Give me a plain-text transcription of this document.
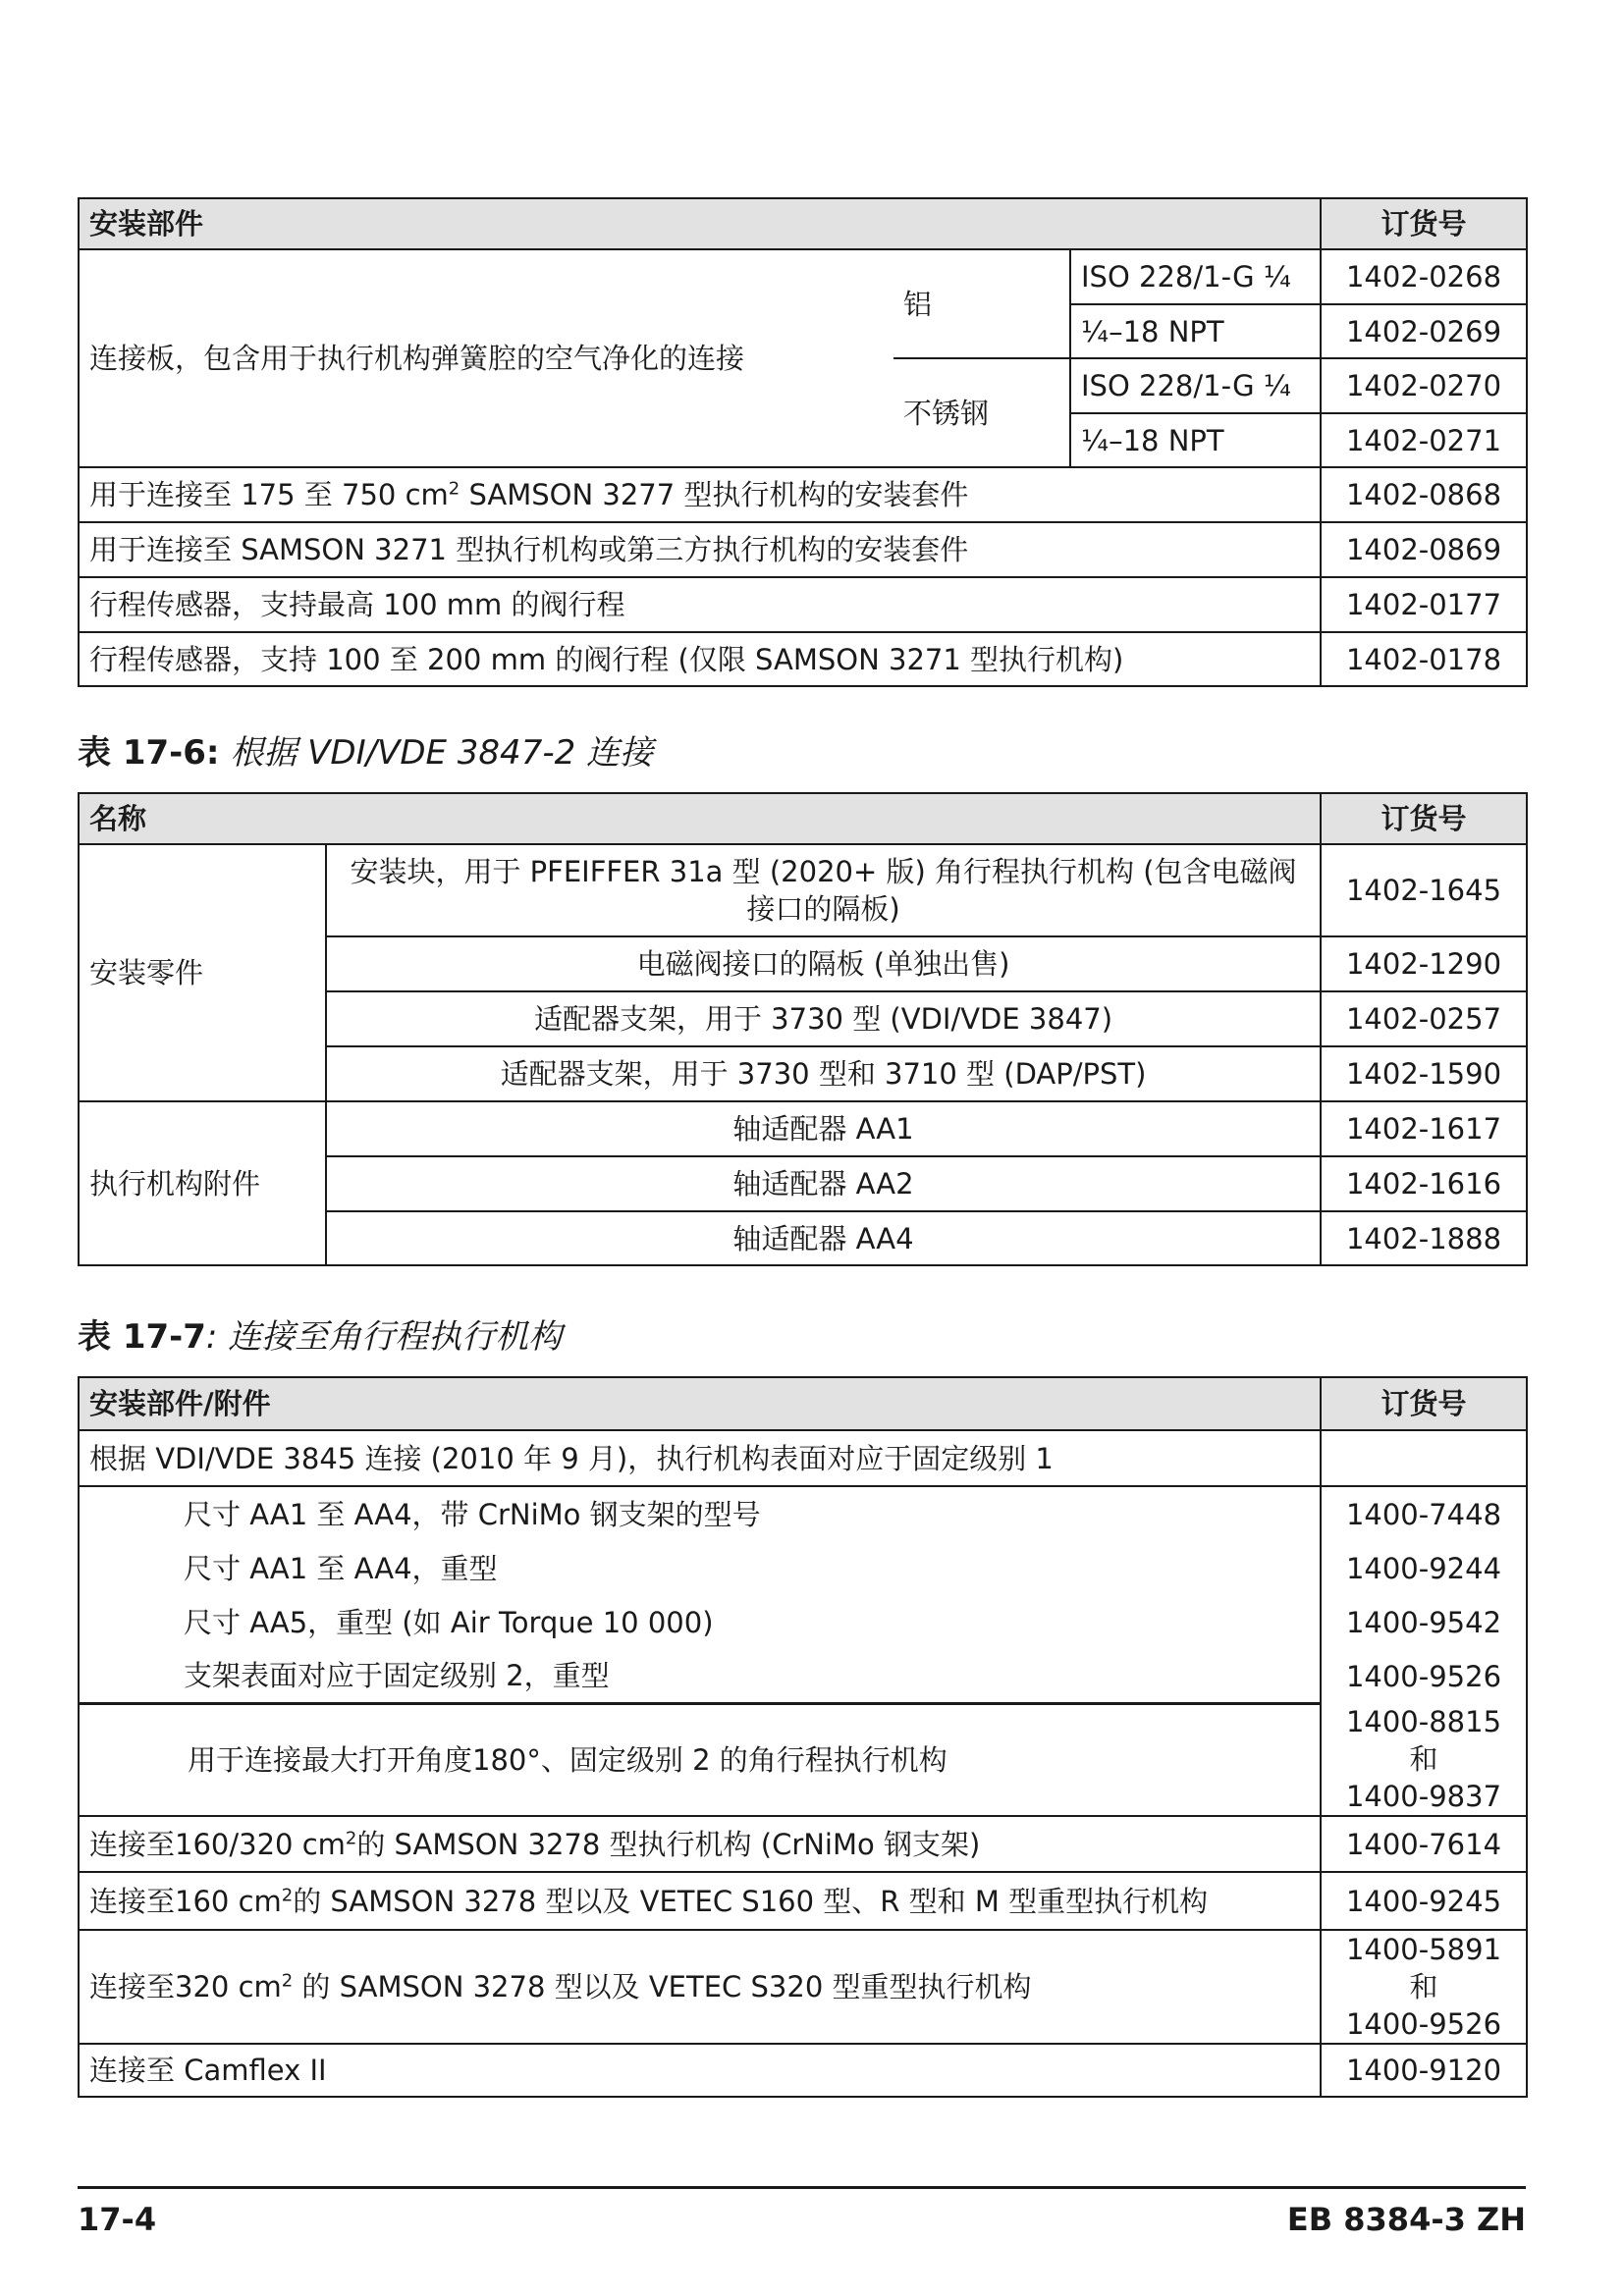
安装部件			订货号
连接板，包含用于执行机构弹簧腔的空气净化的连接	铝	ISO 228/1-G ¼	1402-0268
		¼–18 NPT	1402-0269
	不锈钢	ISO 228/1-G ¼	1402-0270
		¼–18 NPT	1402-0271
用于连接至 175 至 750 $cm^2$ SAMSON 3277 型执行机构的安装套件			1402-0868
用于连接至 SAMSON 3271 型执行机构或第三方执行机构的安装套件			1402-0869
行程传感器，支持最高 100 mm 的阀行程			1402-0177
行程传感器，支持 100 至 200 mm 的阀行程 (仅限 SAMSON 3271 型执行机构)			1402-0178
表 17-6: 根据 VDI/VDE 3847-2 连接
名称		订货号
安装零件	安装块，用于 PFEIFFER 31a 型 (2020+ 版) 角行程执行机构 (包含电磁阀接口的隔板)	1402-1645
	电磁阀接口的隔板 (单独出售)	1402-1290
	适配器支架，用于 3730 型 (VDI/VDE 3847)	1402-0257
	适配器支架，用于 3730 型和 3710 型 (DAP/PST)	1402-1590
执行机构附件	轴适配器 AA1	1402-1617
	轴适配器 AA2	1402-1616
	轴适配器 AA4	1402-1888
表 17-7: 连接至角行程执行机构
安装部件/附件	订货号
根据 VDI/VDE 3845 连接 (2010 年 9 月)，执行机构表面对应于固定级别 1	
尺寸 AA1 至 AA4，带 CrNiMo 钢支架的型号	1400-7448
尺寸 AA1 至 AA4，重型	1400-9244
尺寸 AA5，重型 (如 Air Torque 10 000)	1400-9542
支架表面对应于固定级别 2，重型	1400-9526
用于连接最大打开角度180°、固定级别 2 的角行程执行机构	1400-8815 和
1400-9837
连接至160/320 $cm^2$的 SAMSON 3278 型执行机构 (CrNiMo 钢支架)	1400-7614
连接至160 $cm^2$的 SAMSON 3278 型以及 VETEC S160 型、R 型和 M 型重型执行机构	1400-9245
连接至320 $cm^2$ 的 SAMSON 3278 型以及 VETEC S320 型重型执行机构	1400-5891 和
1400-9526
连接至 Camflex II	1400-9120
17-4	EB 8384-3 ZH
